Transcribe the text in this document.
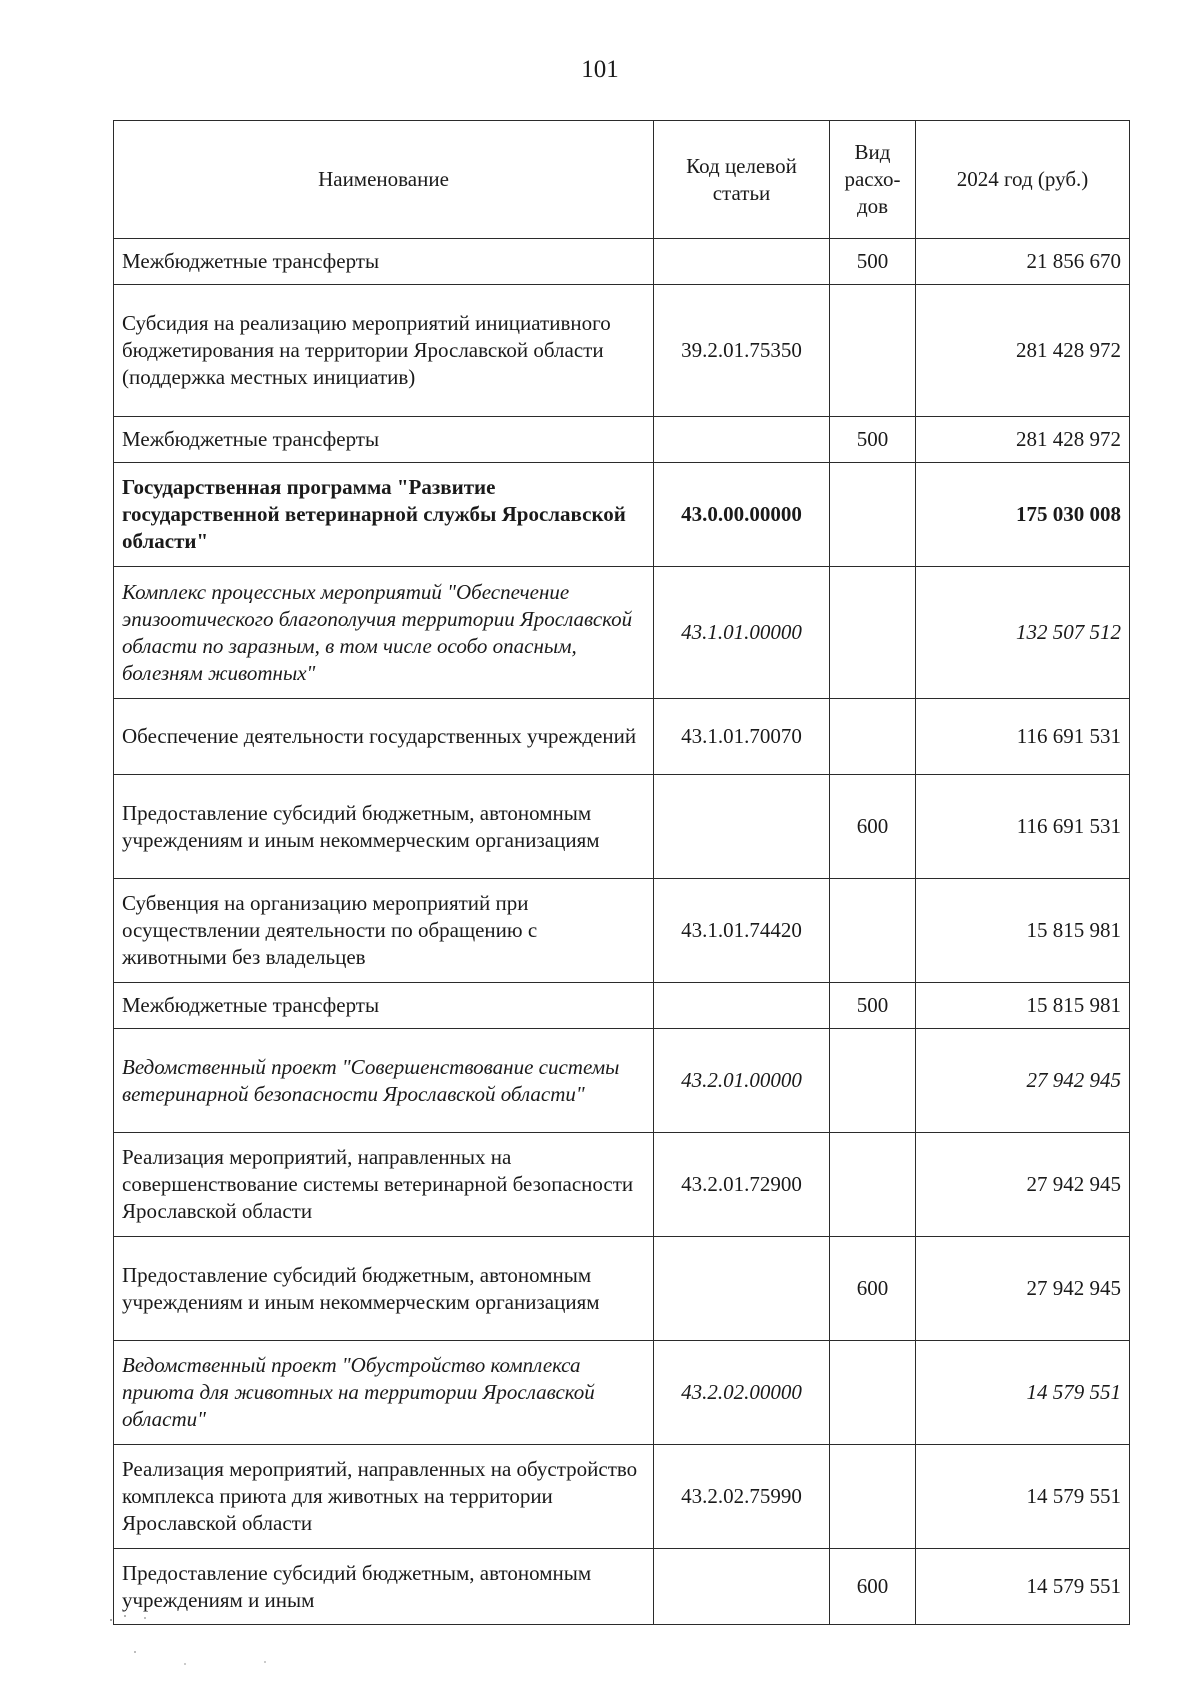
101
Наименование	Код целевой статьи	Вид расхо-дов	2024 год (руб.)
Межбюджетные трансферты		500	21 856 670
Субсидия на реализацию мероприятий инициативного бюджетирования на территории Ярославской области (поддержка местных инициатив)	39.2.01.75350		281 428 972
Межбюджетные трансферты		500	281 428 972
Государственная программа "Развитие государственной ветеринарной службы Ярославской области"	43.0.00.00000		175 030 008
Комплекс процессных мероприятий "Обеспечение эпизоотического благополучия территории Ярославской области по заразным, в том числе особо опасным, болезням животных"	43.1.01.00000		132 507 512
Обеспечение деятельности государственных учреждений	43.1.01.70070		116 691 531
Предоставление субсидий бюджетным, автономным учреждениям и иным некоммерческим организациям		600	116 691 531
Субвенция на организацию мероприятий при осуществлении деятельности по обращению с животными без владельцев	43.1.01.74420		15 815 981
Межбюджетные трансферты		500	15 815 981
Ведомственный проект "Совершенствование системы ветеринарной безопасности Ярославской области"	43.2.01.00000		27 942 945
Реализация мероприятий, направленных на совершенствование системы ветеринарной безопасности Ярославской области	43.2.01.72900		27 942 945
Предоставление субсидий бюджетным, автономным учреждениям и иным некоммерческим организациям		600	27 942 945
Ведомственный проект "Обустройство комплекса приюта для животных на территории Ярославской области"	43.2.02.00000		14 579 551
Реализация мероприятий, направленных на обустройство комплекса приюта для животных на территории Ярославской области	43.2.02.75990		14 579 551
Предоставление субсидий бюджетным, автономным учреждениям и иным		600	14 579 551
